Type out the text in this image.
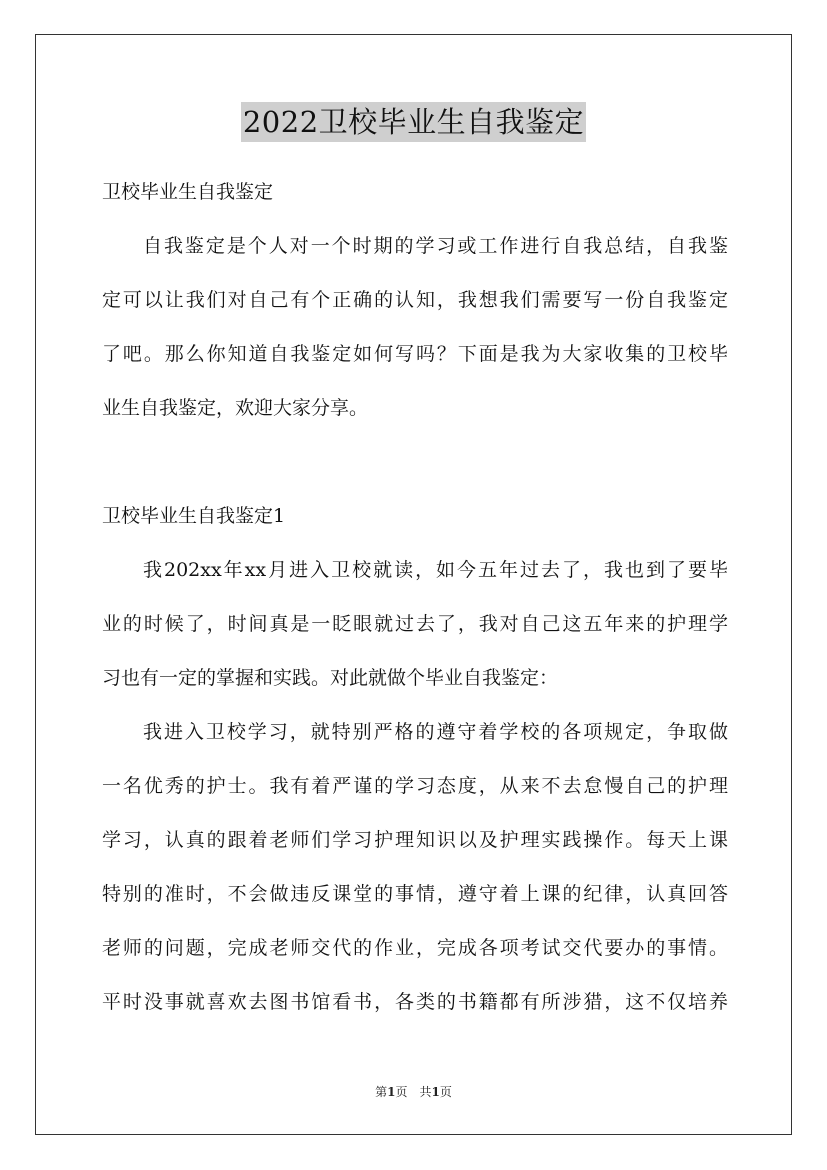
2022卫校毕业生自我鉴定
卫校毕业生自我鉴定
自我鉴定是个人对一个时期的学习或工作进行自我总结，自我鉴
定可以让我们对自己有个正确的认知，我想我们需要写一份自我鉴定
了吧。那么你知道自我鉴定如何写吗？下面是我为大家收集的卫校毕
业生自我鉴定，欢迎大家分享。
卫校毕业生自我鉴定1
我202xx年xx月进入卫校就读，如今五年过去了，我也到了要毕
业的时候了，时间真是一眨眼就过去了，我对自己这五年来的护理学
习也有一定的掌握和实践。对此就做个毕业自我鉴定：
我进入卫校学习，就特别严格的遵守着学校的各项规定，争取做
一名优秀的护士。我有着严谨的学习态度，从来不去怠慢自己的护理
学习，认真的跟着老师们学习护理知识以及护理实践操作。每天上课
特别的准时，不会做违反课堂的事情，遵守着上课的纪律，认真回答
老师的问题，完成老师交代的作业，完成各项考试交代要办的事情。
平时没事就喜欢去图书馆看书，各类的书籍都有所涉猎，这不仅培养
第1页　共1页
